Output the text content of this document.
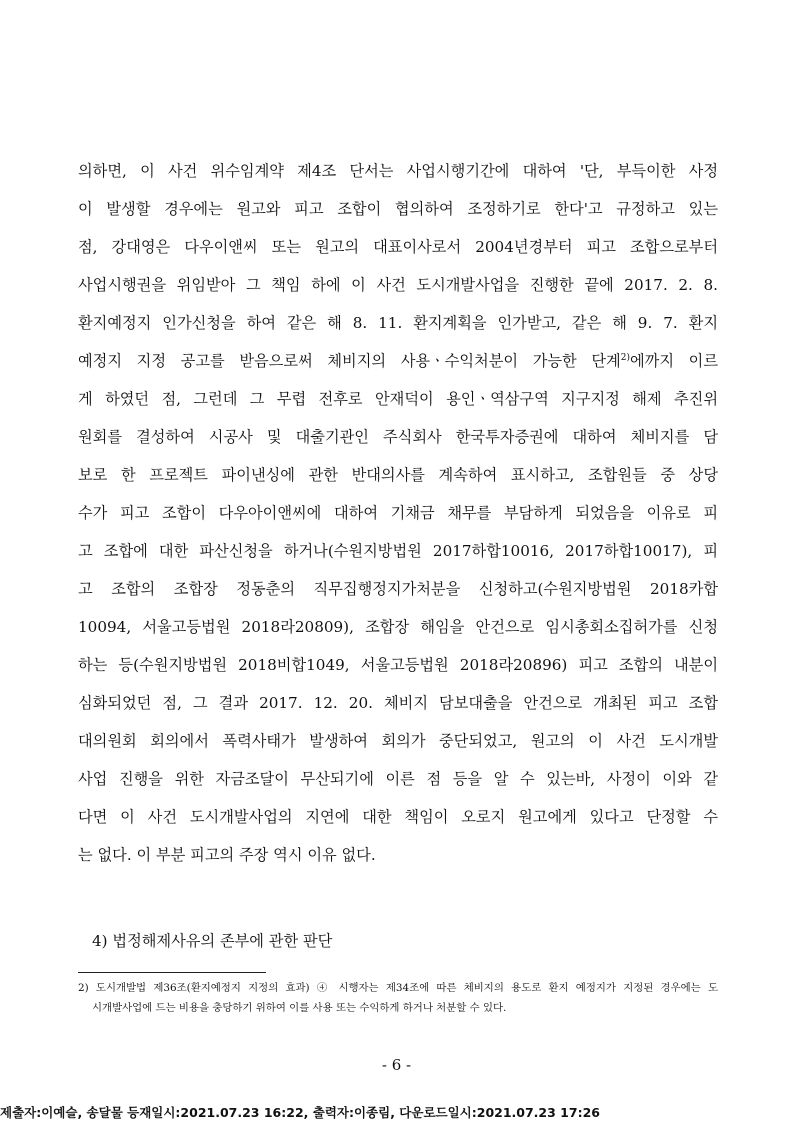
의하면, 이 사건 위수임계약 제4조 단서는 사업시행기간에 대하여 '단, 부득이한 사정
이 발생할 경우에는 원고와 피고 조합이 협의하여 조정하기로 한다'고 규정하고 있는
점, 강대영은 다우이앤씨 또는 원고의 대표이사로서 2004년경부터 피고 조합으로부터
사업시행권을 위임받아 그 책임 하에 이 사건 도시개발사업을 진행한 끝에 2017. 2. 8.
환지예정지 인가신청을 하여 같은 해 8. 11. 환지계획을 인가받고, 같은 해 9. 7. 환지
예정지 지정 공고를 받음으로써 체비지의 사용ㆍ수익처분이 가능한 단계$^{2)}$에까지 이르
게 하였던 점, 그런데 그 무렵 전후로 안재덕이 용인ㆍ역삼구역 지구지정 해제 추진위
원회를 결성하여 시공사 및 대출기관인 주식회사 한국투자증권에 대하여 체비지를 담
보로 한 프로젝트 파이낸싱에 관한 반대의사를 계속하여 표시하고, 조합원들 중 상당
수가 피고 조합이 다우아이앤씨에 대하여 기채금 채무를 부담하게 되었음을 이유로 피
고 조합에 대한 파산신청을 하거나(수원지방법원 2017하합10016, 2017하합10017), 피
고 조합의 조합장 정동춘의 직무집행정지가처분을 신청하고(수원지방법원 2018카합
10094, 서울고등법원 2018라20809), 조합장 해임을 안건으로 임시총회소집허가를 신청
하는 등(수원지방법원 2018비합1049, 서울고등법원 2018라20896) 피고 조합의 내분이
심화되었던 점, 그 결과 2017. 12. 20. 체비지 담보대출을 안건으로 개최된 피고 조합
대의원회 회의에서 폭력사태가 발생하여 회의가 중단되었고, 원고의 이 사건 도시개발
사업 진행을 위한 자금조달이 무산되기에 이른 점 등을 알 수 있는바, 사정이 이와 같
다면 이 사건 도시개발사업의 지연에 대한 책임이 오로지 원고에게 있다고 단정할 수
는 없다. 이 부분 피고의 주장 역시 이유 없다.
4) 법정해제사유의 존부에 관한 판단
2) 도시개발법 제36조(환지예정지 지정의 효과) ④ 시행자는 제34조에 따른 체비지의 용도로 환지 예정지가 지정된 경우에는 도
시개발사업에 드는 비용을 충당하기 위하여 이를 사용 또는 수익하게 하거나 처분할 수 있다.
- 6 -
제출자:이예슬, 송달물 등재일시:2021.07.23 16:22, 출력자:이종림, 다운로드일시:2021.07.23 17:26
